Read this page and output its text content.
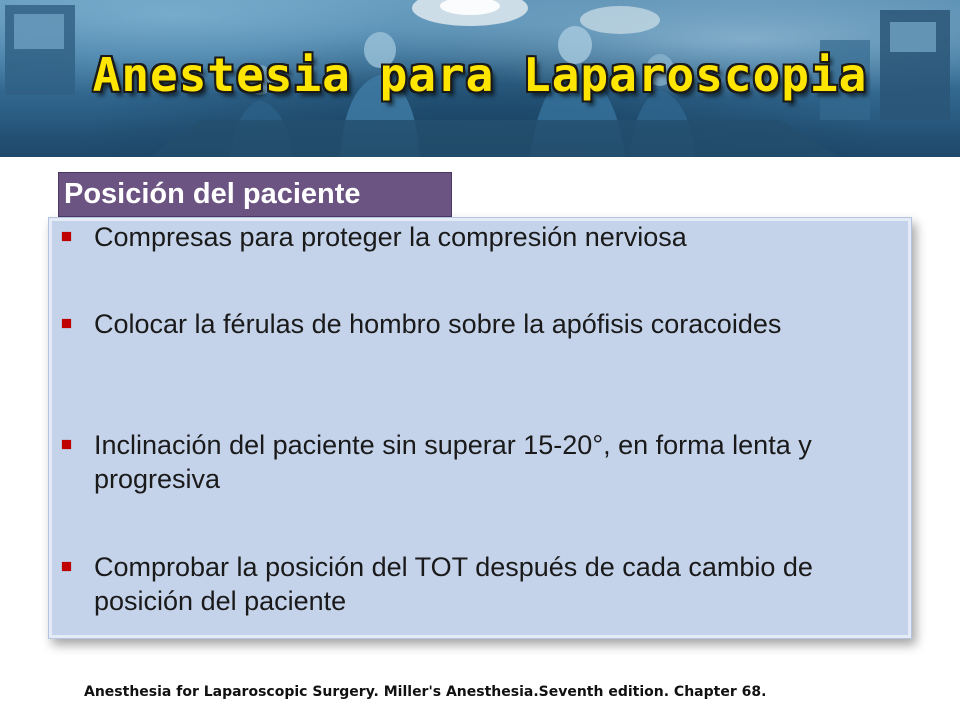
Anestesia para Laparoscopia
Posición del paciente
Compresas para proteger la compresión nerviosa
Colocar la férulas de hombro sobre la apófisis coracoides
Inclinación del paciente sin superar 15-20°, en forma lenta y progresiva
Comprobar la posición del TOT después de cada cambio de posición del paciente
Anesthesia for Laparoscopic Surgery. Miller's Anesthesia.Seventh edition. Chapter 68.
